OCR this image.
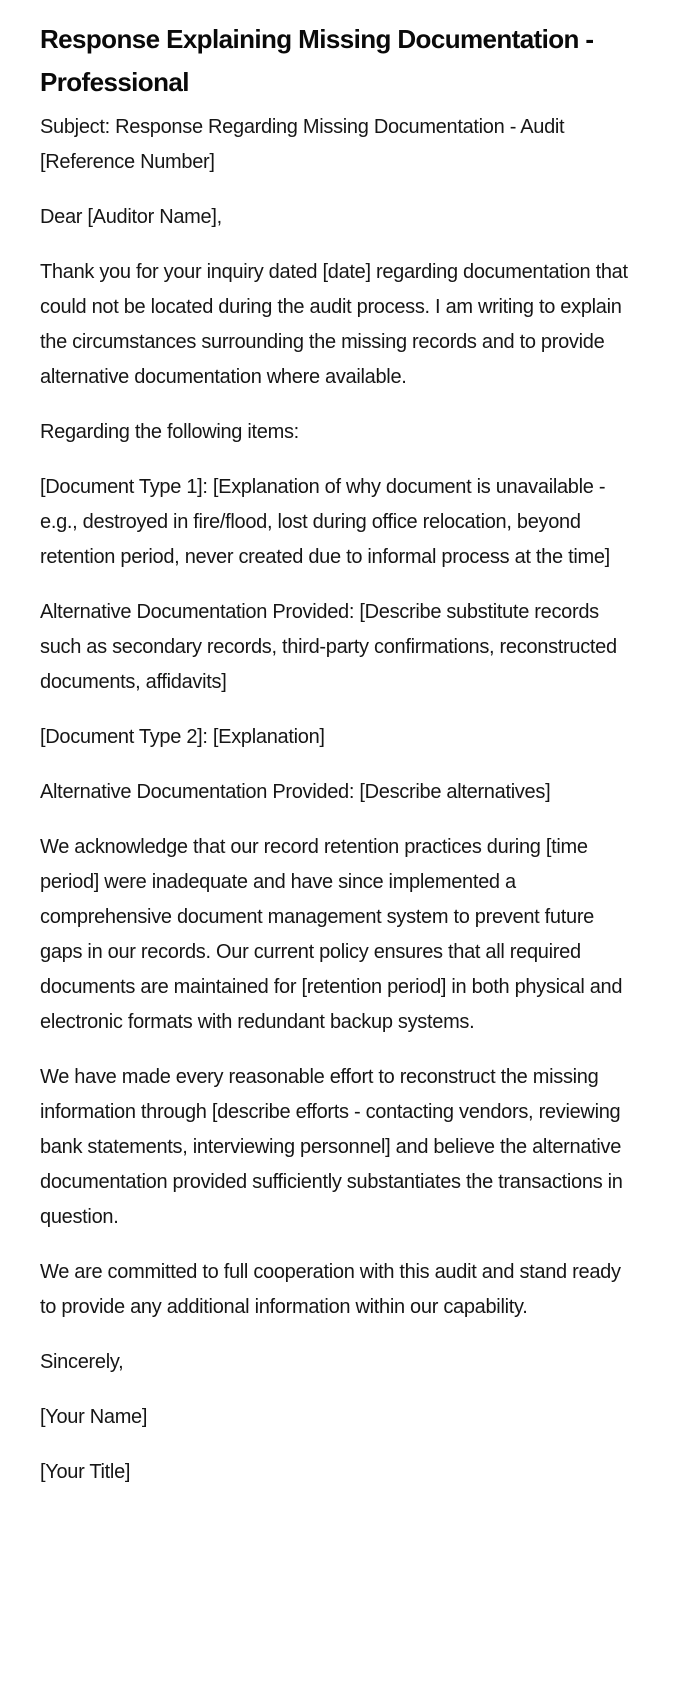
Response Explaining Missing Documentation - Professional

Subject: Response Regarding Missing Documentation - Audit [Reference Number]

Dear [Auditor Name],

Thank you for your inquiry dated [date] regarding documentation that could not be located during the audit process. I am writing to explain the circumstances surrounding the missing records and to provide alternative documentation where available.

Regarding the following items:

[Document Type 1]: [Explanation of why document is unavailable - e.g., destroyed in fire/flood, lost during office relocation, beyond retention period, never created due to informal process at the time]

Alternative Documentation Provided: [Describe substitute records such as secondary records, third-party confirmations, reconstructed documents, affidavits]

[Document Type 2]: [Explanation]

Alternative Documentation Provided: [Describe alternatives]

We acknowledge that our record retention practices during [time period] were inadequate and have since implemented a comprehensive document management system to prevent future gaps in our records. Our current policy ensures that all required documents are maintained for [retention period] in both physical and electronic formats with redundant backup systems.

We have made every reasonable effort to reconstruct the missing information through [describe efforts - contacting vendors, reviewing bank statements, interviewing personnel] and believe the alternative documentation provided sufficiently substantiates the transactions in question.

We are committed to full cooperation with this audit and stand ready to provide any additional information within our capability.

Sincerely,

[Your Name]

[Your Title]
